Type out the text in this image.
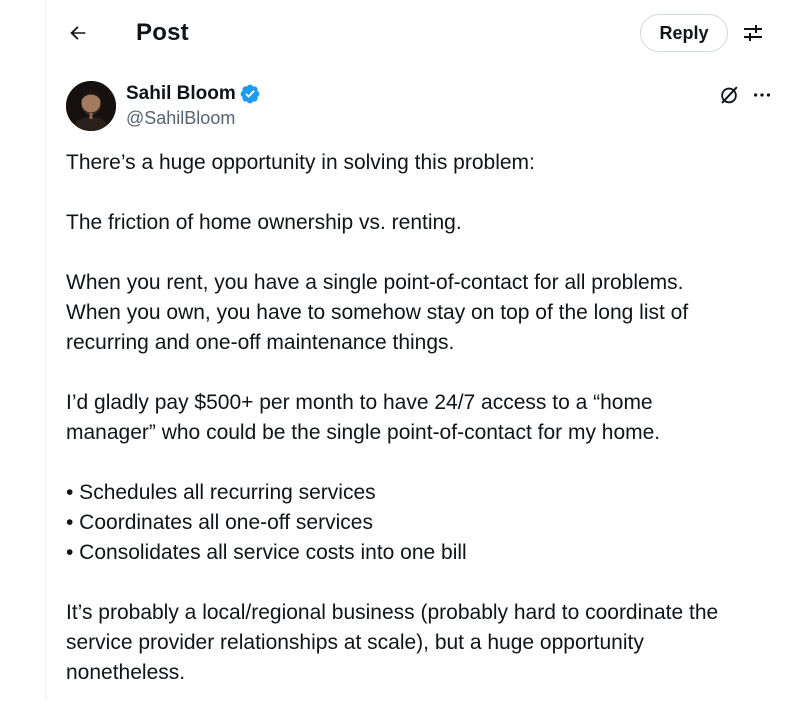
Post	Reply
Sahil Bloom
@SahilBloom

There’s a huge opportunity in solving this problem:

The friction of home ownership vs. renting.

When you rent, you have a single point-of-contact for all problems.
When you own, you have to somehow stay on top of the long list of
recurring and one-off maintenance things.

I’d gladly pay $500+ per month to have 24/7 access to a “home
manager” who could be the single point-of-contact for my home.

• Schedules all recurring services
• Coordinates all one-off services
• Consolidates all service costs into one bill

It’s probably a local/regional business (probably hard to coordinate the
service provider relationships at scale), but a huge opportunity
nonetheless.
